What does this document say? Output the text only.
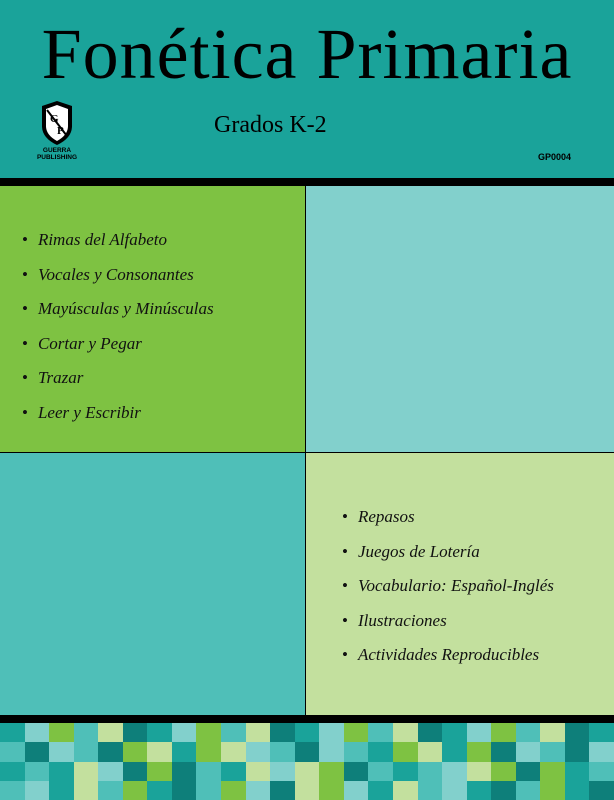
Fonética Primaria
G
P
GUERRA
PUBLISHING
Grados K-2
GP0004
• Rimas del Alfabeto
• Vocales y Consonantes
• Mayúsculas y Minúsculas
• Cortar y Pegar
• Trazar
• Leer y Escribir
• Repasos
• Juegos de Lotería
• Vocabulario: Español-Inglés
• Ilustraciones
• Actividades Reproducibles
